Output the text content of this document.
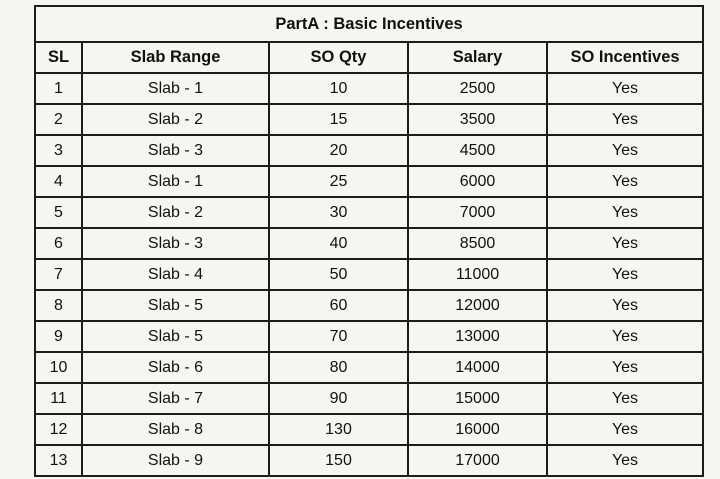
PartA : Basic Incentives				
SL	Slab Range	SO Qty	Salary	SO Incentives
1	Slab - 1	10	2500	Yes
2	Slab - 2	15	3500	Yes
3	Slab - 3	20	4500	Yes
4	Slab - 1	25	6000	Yes
5	Slab - 2	30	7000	Yes
6	Slab - 3	40	8500	Yes
7	Slab - 4	50	11000	Yes
8	Slab - 5	60	12000	Yes
9	Slab - 5	70	13000	Yes
10	Slab - 6	80	14000	Yes
11	Slab - 7	90	15000	Yes
12	Slab - 8	130	16000	Yes
13	Slab - 9	150	17000	Yes
